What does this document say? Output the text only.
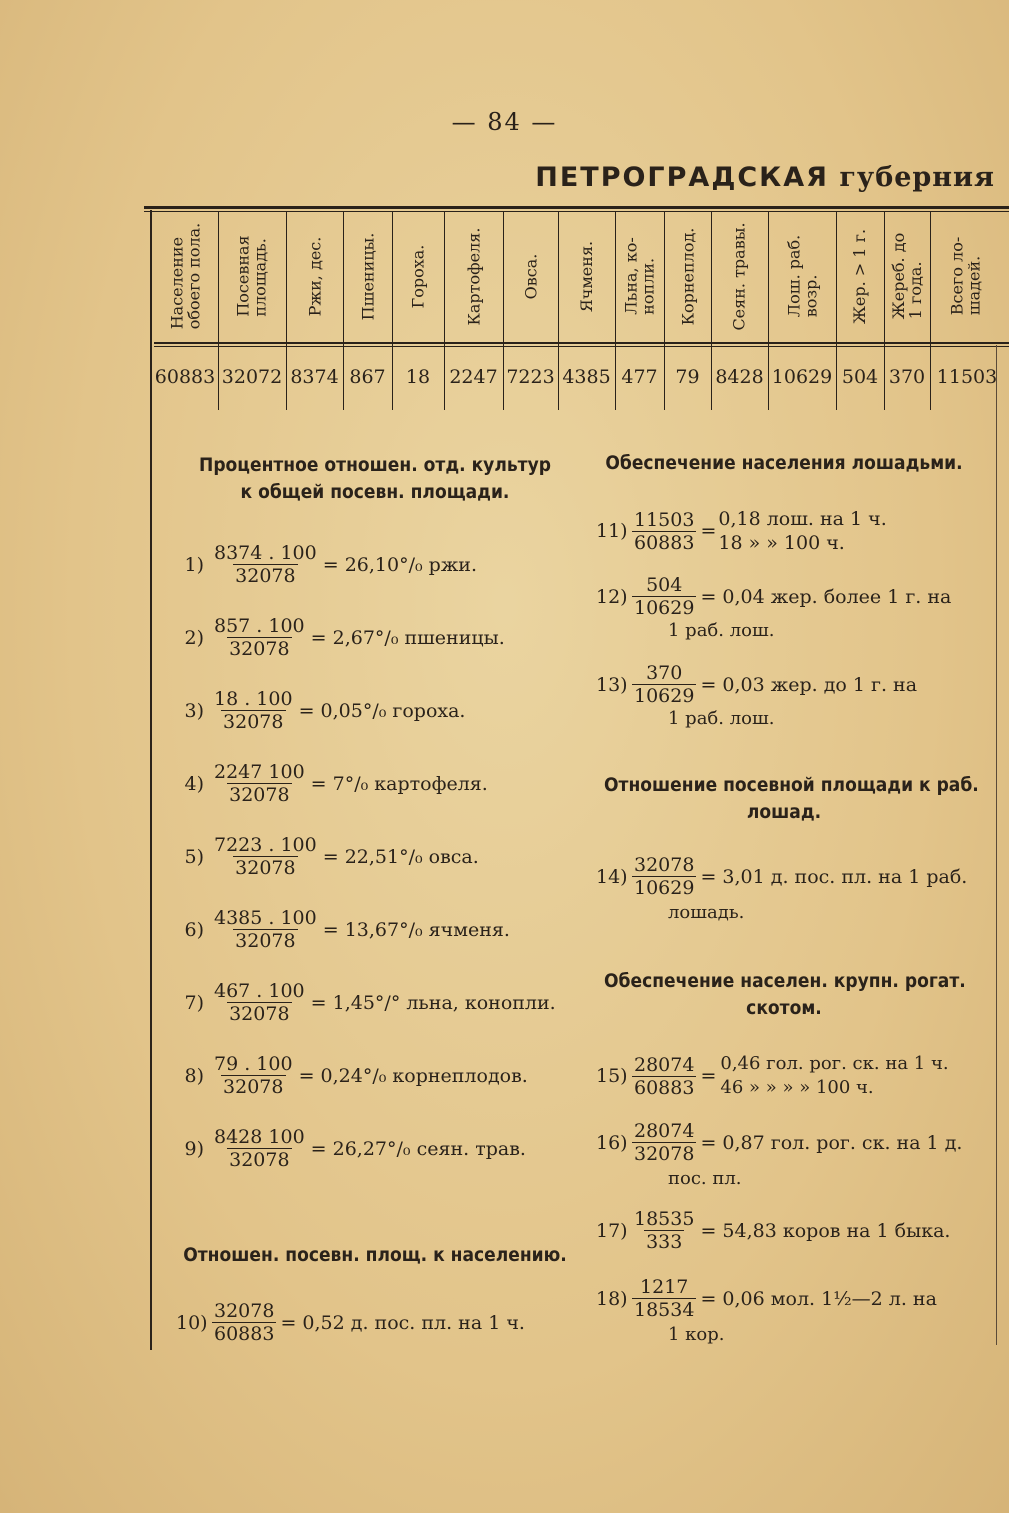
— 84 —
ПЕТРОГРАДСКАЯ губерния
Население
обоего пола. Посевная
площадь. Ржи, дес. Пшеницы. Гороха. Картофеля. Овса. Ячменя. Льна, ко-
нопли. Корнеплод. Сеян. травы. Лош. раб.
возр. Жер. > 1 г. Жереб. до
1 года. Всего ло-
шадей.
60883 32072 8374 867	18	2247 7223 4385 477 79 8428 10629 504 370 11503
Процентное отношен. отд. культур
к общей посевн. площади.
$1) \frac{8374 . 100}{32078} = 26,10^\circ/_0$ ржи.
$2) \frac{857 . 100}{32078} = 2,67^\circ/_0$ пшеницы.
$3) \frac{18 . 100}{32078} = 0,05^\circ/_0$ гороха.
$4) \frac{2247 100}{32078} = 7^\circ/_0$ картофеля.
$5) \frac{7223 . 100}{32078} = 22,51^\circ/_0$ овса.
$6) \frac{4385 . 100}{32078} = 13,67^\circ/_0$ ячменя.
$7) \frac{467 . 100}{32078} = 1,45^\circ/^\circ$ льна, конопли.
$8) \frac{79 . 100}{32078} = 0,24^\circ/_0$ корнеплодов.
$9) \frac{8428 100}{32078} = 26,27^\circ/_0$ сеян. трав.
Отношен. посевн. площ. к населению.
$10) \frac{32078}{60883} = 0,52$ д. пос. пл. на 1 ч.
Обеспечение населения лошадьми.
$11) \frac{11503}{60883}$ =
0,18 лош. на 1 ч.
18 » » 100 ч.
$12) \frac{504}{10629} = 0,04$ жер. более 1 г. на
1 раб. лош.
$13) \frac{370}{10629} = 0,03$ жер. до 1 г. на
1 раб. лош.
Отношение посевной площади к раб.
лошад.
$14) \frac{32078}{10629} = 3,01$ д. пос. пл. на 1 раб.
лошадь.
Обеспечение населен. крупн. рогат.
скотом.
$15) \frac{28074}{60883}$ =
0,46 гол. рог. ск. на 1 ч.
46 » » » » 100 ч.
$16) \frac{28074}{32078} = 0,87$ гол. рог. ск. на 1 д.
пос. пл.
$17) \frac{18535}{333} = 54,83$ коров на 1 быка.
$18) \frac{1217}{18534} = 0,06$ мол. 1½—2 л. на
1 кор.
